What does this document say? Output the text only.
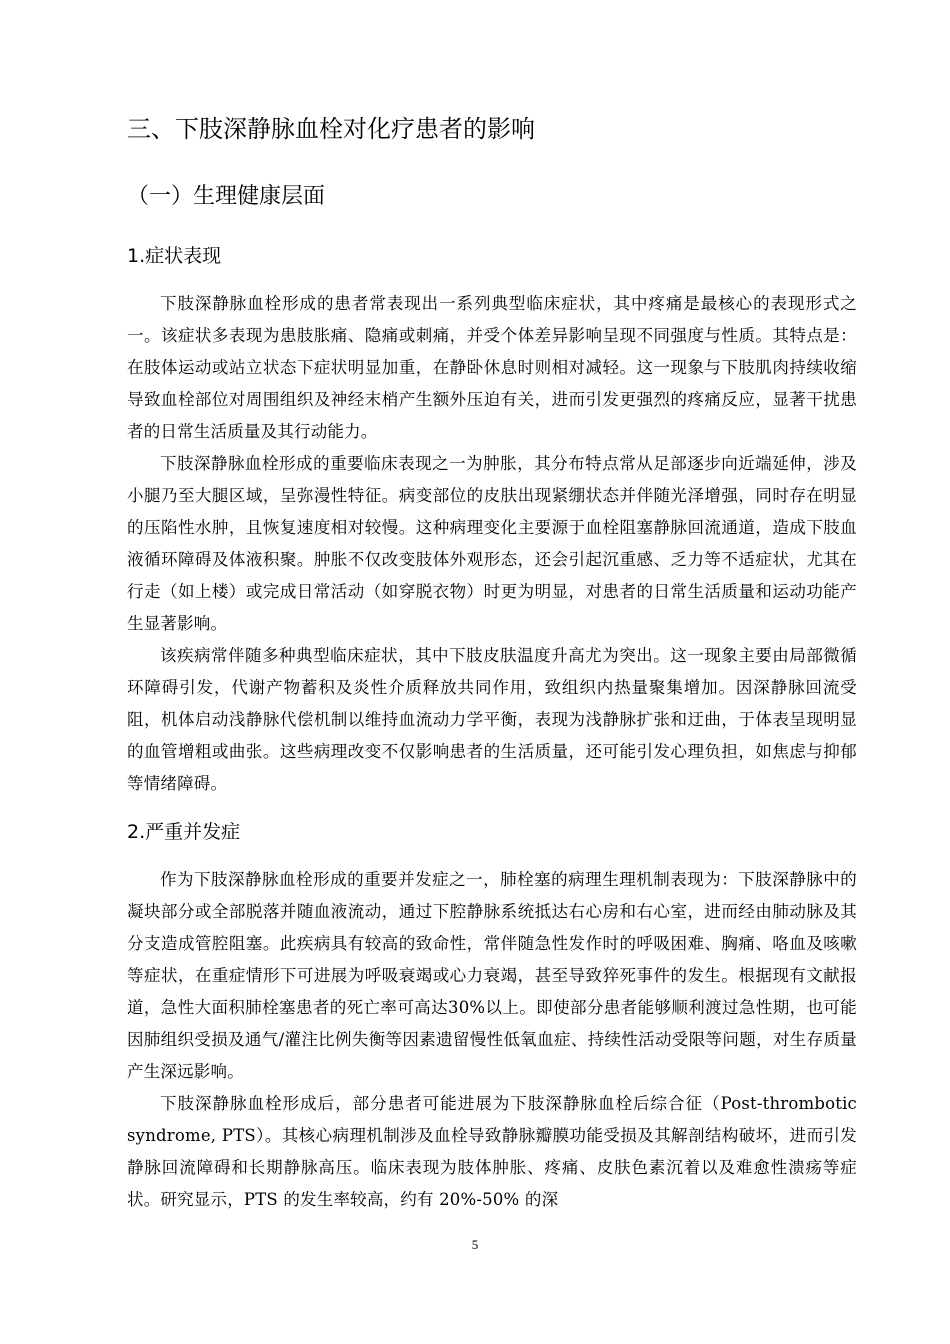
三、下肢深静脉血栓对化疗患者的影响
（一）生理健康层面
1.症状表现

下肢深静脉血栓形成的患者常表现出一系列典型临床症状，其中疼痛是最核心的表现形式之一。该症状多表现为患肢胀痛、隐痛或刺痛，并受个体差异影响呈现不同强度与性质。其特点是：在肢体运动或站立状态下症状明显加重，在静卧休息时则相对减轻。这一现象与下肢肌肉持续收缩导致血栓部位对周围组织及神经末梢产生额外压迫有关，进而引发更强烈的疼痛反应，显著干扰患者的日常生活质量及其行动能力。

下肢深静脉血栓形成的重要临床表现之一为肿胀，其分布特点常从足部逐步向近端延伸，涉及小腿乃至大腿区域，呈弥漫性特征。病变部位的皮肤出现紧绷状态并伴随光泽增强，同时存在明显的压陷性水肿，且恢复速度相对较慢。这种病理变化主要源于血栓阻塞静脉回流通道，造成下肢血液循环障碍及体液积聚。肿胀不仅改变肢体外观形态，还会引起沉重感、乏力等不适症状，尤其在行走（如上楼）或完成日常活动（如穿脱衣物）时更为明显，对患者的日常生活质量和运动功能产生显著影响。

该疾病常伴随多种典型临床症状，其中下肢皮肤温度升高尤为突出。这一现象主要由局部微循环障碍引发，代谢产物蓄积及炎性介质释放共同作用，致组织内热量聚集增加。因深静脉回流受阻，机体启动浅静脉代偿机制以维持血流动力学平衡，表现为浅静脉扩张和迂曲，于体表呈现明显的血管增粗或曲张。这些病理改变不仅影响患者的生活质量，还可能引发心理负担，如焦虑与抑郁等情绪障碍。

2.严重并发症

作为下肢深静脉血栓形成的重要并发症之一，肺栓塞的病理生理机制表现为：下肢深静脉中的凝块部分或全部脱落并随血液流动，通过下腔静脉系统抵达右心房和右心室，进而经由肺动脉及其分支造成管腔阻塞。此疾病具有较高的致命性，常伴随急性发作时的呼吸困难、胸痛、咯血及咳嗽等症状，在重症情形下可进展为呼吸衰竭或心力衰竭，甚至导致猝死事件的发生。根据现有文献报道，急性大面积肺栓塞患者的死亡率可高达30%以上。即使部分患者能够顺利渡过急性期，也可能因肺组织受损及通气/灌注比例失衡等因素遗留慢性低氧血症、持续性活动受限等问题，对生存质量产生深远影响。

下肢深静脉血栓形成后，部分患者可能进展为下肢深静脉血栓后综合征（Post-thrombotic syndrome, PTS）。其核心病理机制涉及血栓导致静脉瓣膜功能受损及其解剖结构破坏，进而引发静脉回流障碍和长期静脉高压。临床表现为肢体肿胀、疼痛、皮肤色素沉着以及难愈性溃疡等症状。研究显示，PTS 的发生率较高，约有 20%-50% 的深

5
